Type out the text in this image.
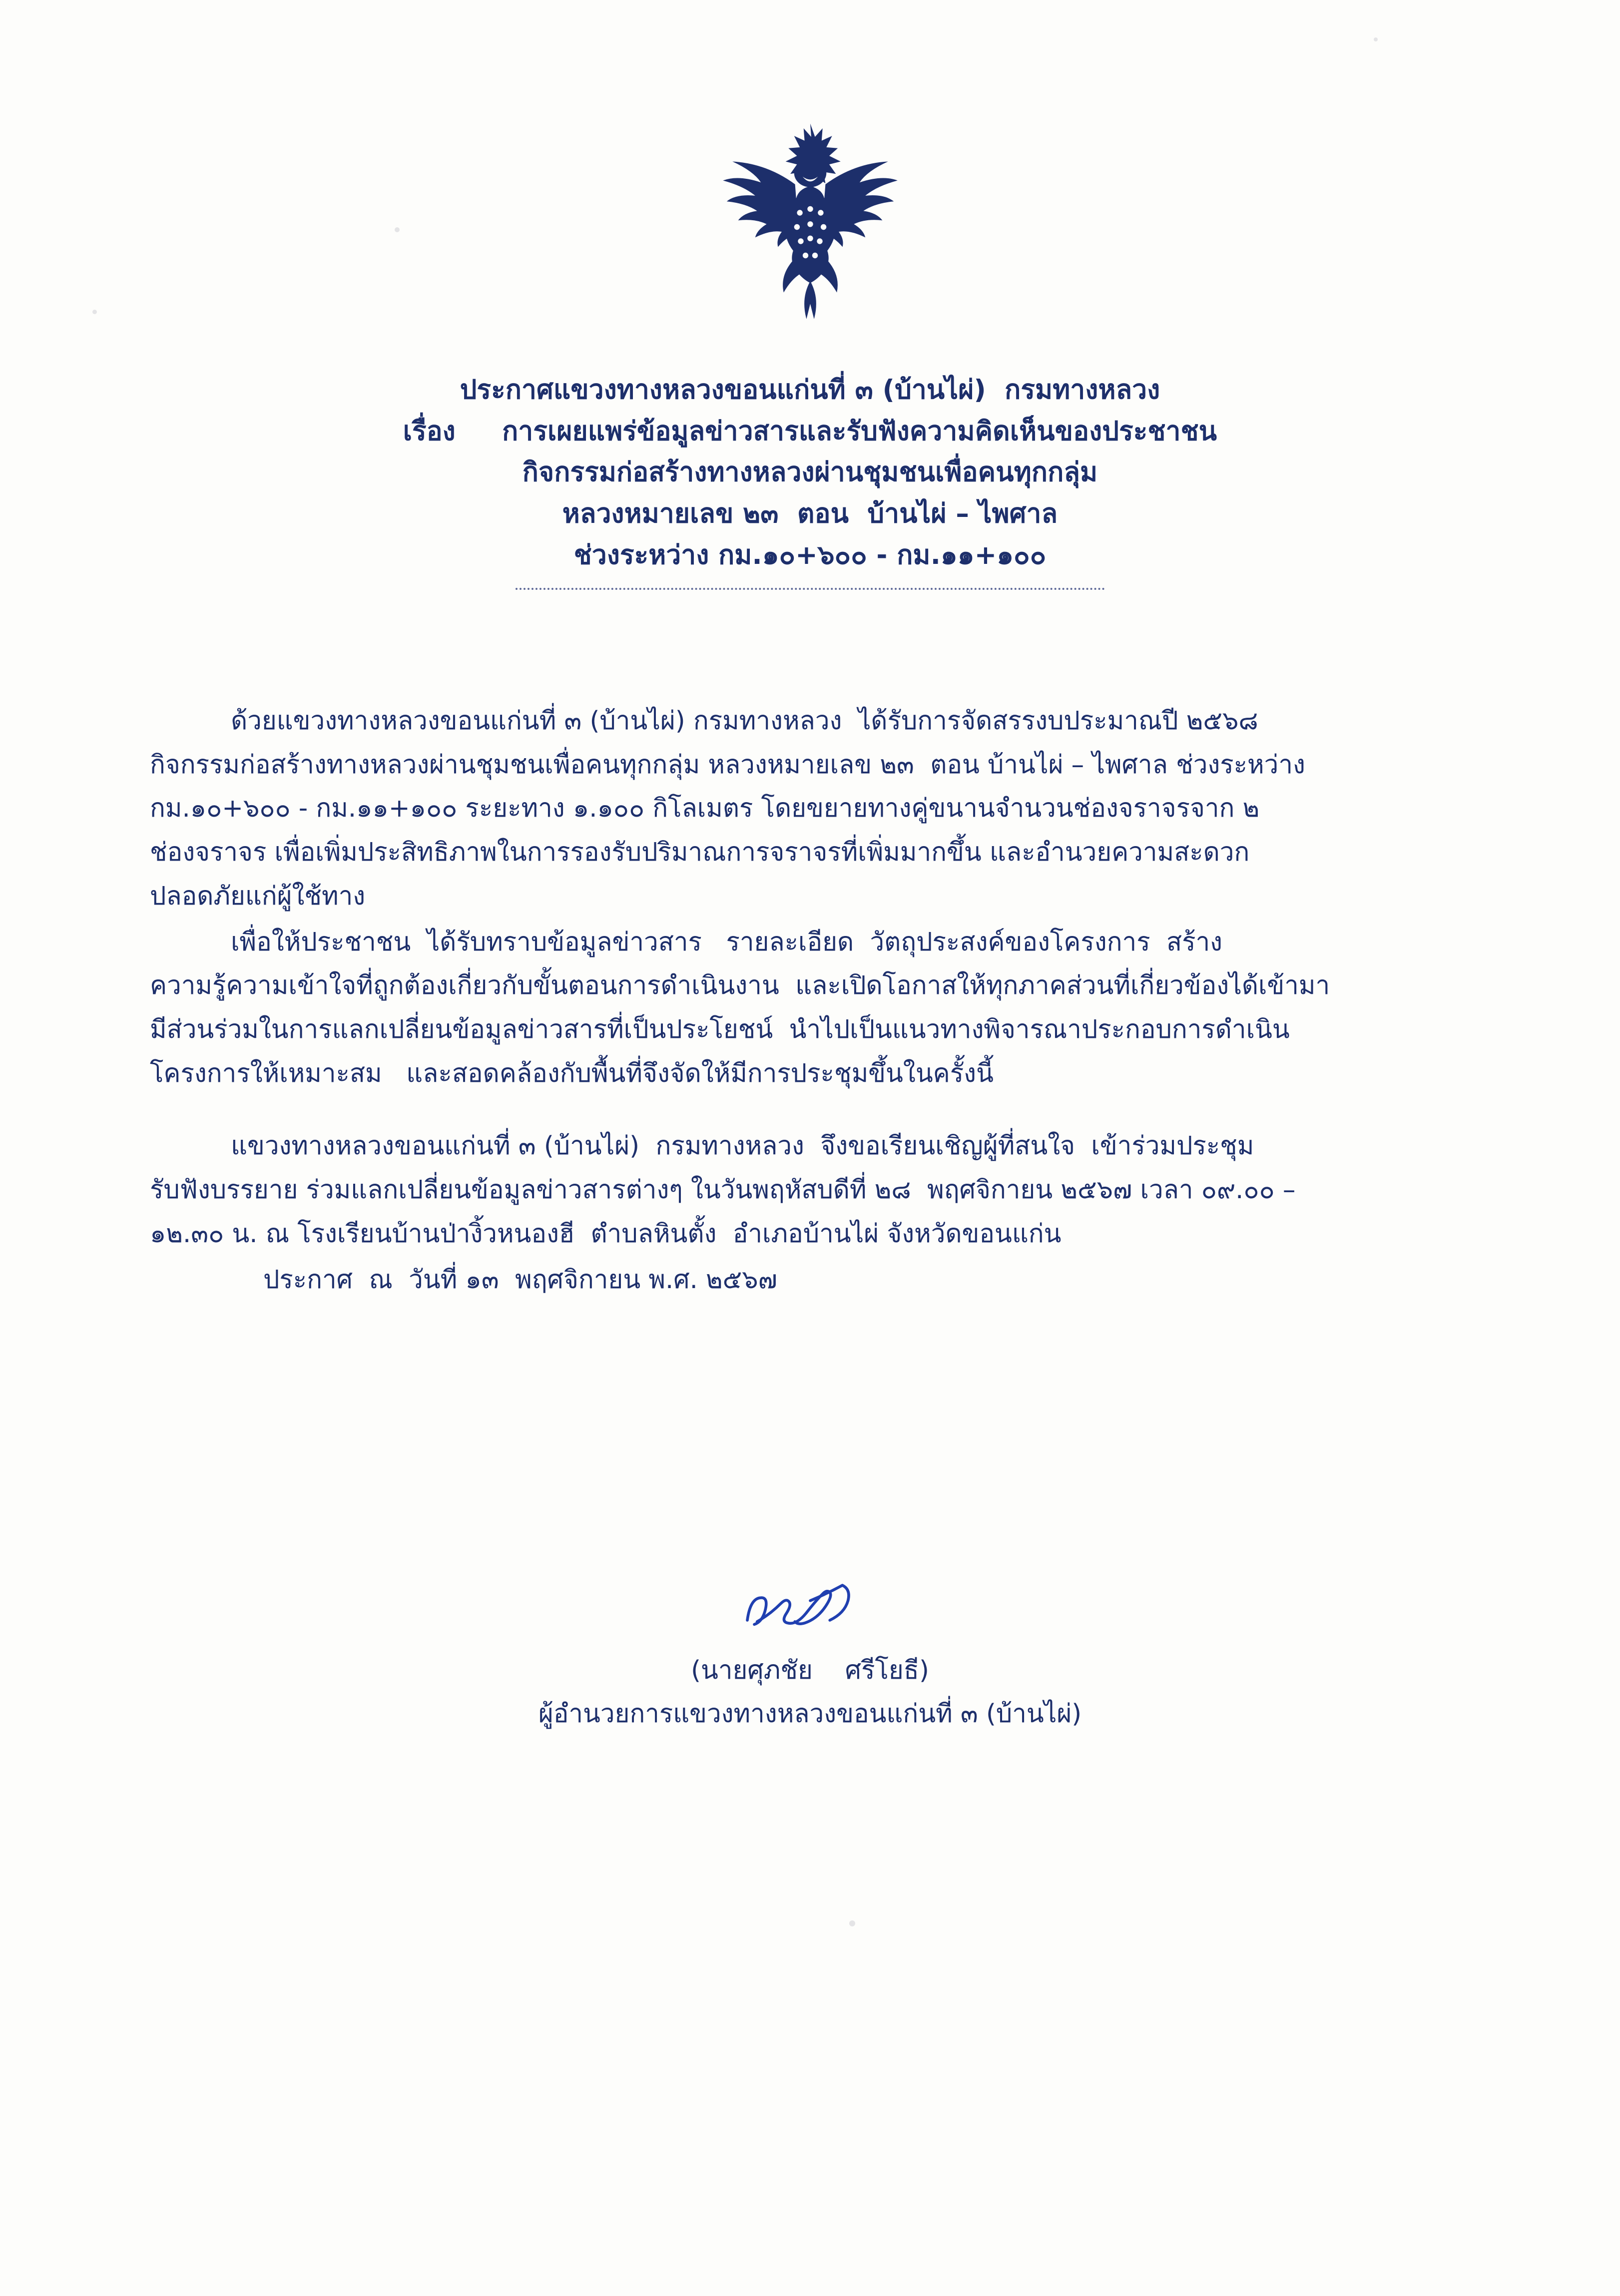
ประกาศแขวงทางหลวงขอนแก่นที่ ๓ (บ้านไผ่)  กรมทางหลวง
เรื่อง     การเผยแพร่ข้อมูลข่าวสารและรับฟังความคิดเห็นของประชาชน
กิจกรรมก่อสร้างทางหลวงผ่านชุมชนเพื่อคนทุกกลุ่ม
หลวงหมายเลข ๒๓  ตอน  บ้านไผ่ – ไพศาล
ช่วงระหว่าง กม.๑๐+๖๐๐ - กม.๑๑+๑๐๐

ด้วยแขวงทางหลวงขอนแก่นที่ ๓ (บ้านไผ่) กรมทางหลวง  ได้รับการจัดสรรงบประมาณปี ๒๕๖๘

กิจกรรมก่อสร้างทางหลวงผ่านชุมชนเพื่อคนทุกกลุ่ม หลวงหมายเลข ๒๓  ตอน บ้านไผ่ – ไพศาล ช่วงระหว่าง

กม.๑๐+๖๐๐ - กม.๑๑+๑๐๐ ระยะทาง ๑.๑๐๐ กิโลเมตร โดยขยายทางคู่ขนานจำนวนช่องจราจรจาก ๒

ช่องจราจร เพื่อเพิ่มประสิทธิภาพในการรองรับปริมาณการจราจรที่เพิ่มมากขึ้น และอำนวยความสะดวก

ปลอดภัยแก่ผู้ใช้ทาง

เพื่อให้ประชาชน  ได้รับทราบข้อมูลข่าวสาร   รายละเอียด  วัตถุประสงค์ของโครงการ  สร้าง

ความรู้ความเข้าใจที่ถูกต้องเกี่ยวกับขั้นตอนการดำเนินงาน  และเปิดโอกาสให้ทุกภาคส่วนที่เกี่ยวข้องได้เข้ามา

มีส่วนร่วมในการแลกเปลี่ยนข้อมูลข่าวสารที่เป็นประโยชน์  นำไปเป็นแนวทางพิจารณาประกอบการดำเนิน

โครงการให้เหมาะสม   และสอดคล้องกับพื้นที่จึงจัดให้มีการประชุมขึ้นในครั้งนี้

แขวงทางหลวงขอนแก่นที่ ๓ (บ้านไผ่)  กรมทางหลวง  จึงขอเรียนเชิญผู้ที่สนใจ  เข้าร่วมประชุม

รับฟังบรรยาย ร่วมแลกเปลี่ยนข้อมูลข่าวสารต่างๆ ในวันพฤหัสบดีที่ ๒๘  พฤศจิกายน ๒๕๖๗ เวลา ๐๙.๐๐ –

๑๒.๓๐ น. ณ โรงเรียนบ้านป่างิ้วหนองฮี  ตำบลหินตั้ง  อำเภอบ้านไผ่ จังหวัดขอนแก่น

ประกาศ  ณ  วันที่ ๑๓  พฤศจิกายน พ.ศ. ๒๕๖๗

(นายศุภชัย    ศรีโยธี)
ผู้อำนวยการแขวงทางหลวงขอนแก่นที่ ๓ (บ้านไผ่)
